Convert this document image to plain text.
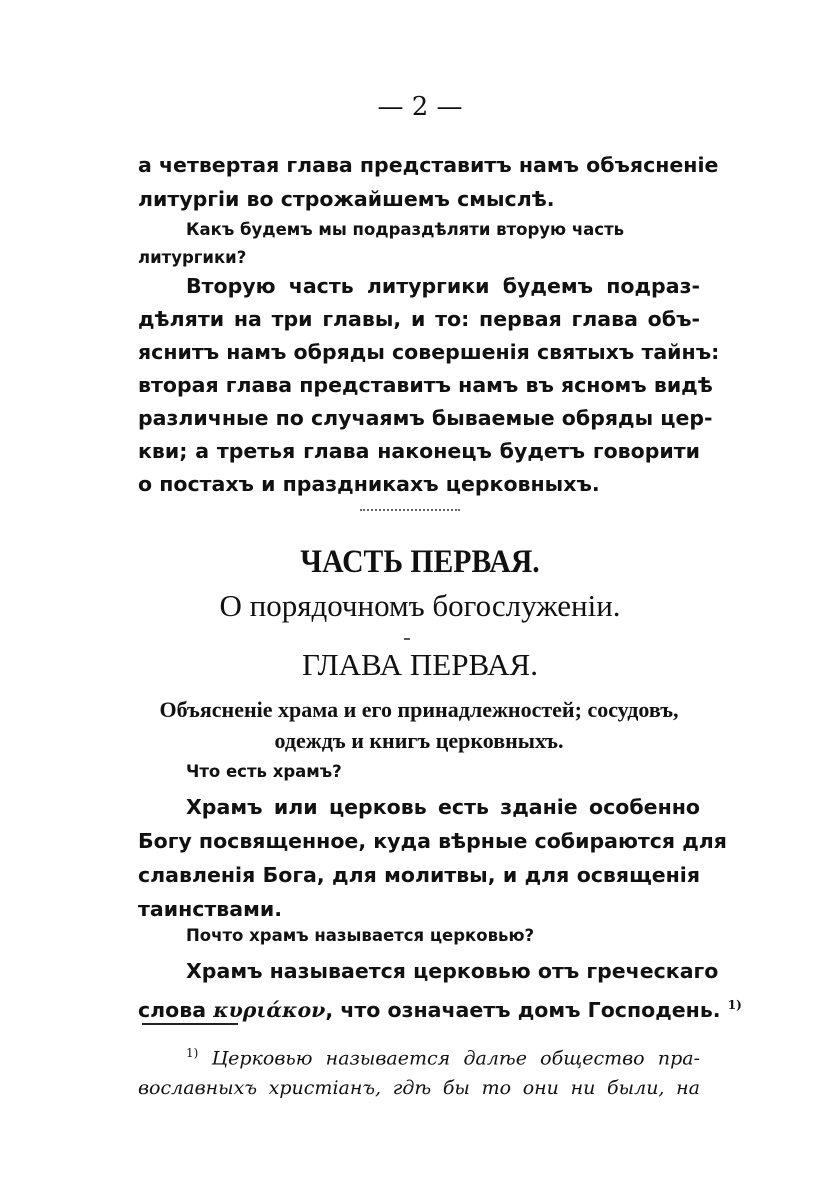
— 2 —
а четвертая глава представитъ намъ объясненіе
литургіи во строжайшемъ смыслѣ.
Какъ будемъ мы подраздѣляти вторую часть литургики?
Вторую часть литургики будемъ подраз-
дѣляти на три главы, и то: первая глава объ-
яснитъ намъ обряды совершенія святыхъ тайнъ:
вторая глава представитъ намъ въ ясномъ видѣ
различные по случаямъ бываемые обряды цер-
кви; а третья глава наконецъ будетъ говорити
о постахъ и праздникахъ церковныхъ.
ЧАСТЬ ПЕРВАЯ.
О порядочномъ богослуженіи.
ГЛАВА ПЕРВАЯ.
Объясненіе храма и его принадлежностей; сосудовъ,
одеждъ и книгъ церковныхъ.
Что есть храмъ?
Храмъ или церковь есть зданіе особенно
Богу посвященное, куда вѣрные собираются для
славленія Бога, для молитвы, и для освященія
таинствами.
Почто храмъ называется церковью?
Храмъ называется церковью отъ греческаго
слова κυριάκον, что означаетъ домъ Господень. $^{1)}$
$^{1)}$ Церковью называется далѣе общество пра-
вославныхъ христіанъ, гдѣ бы то они ни были, на
